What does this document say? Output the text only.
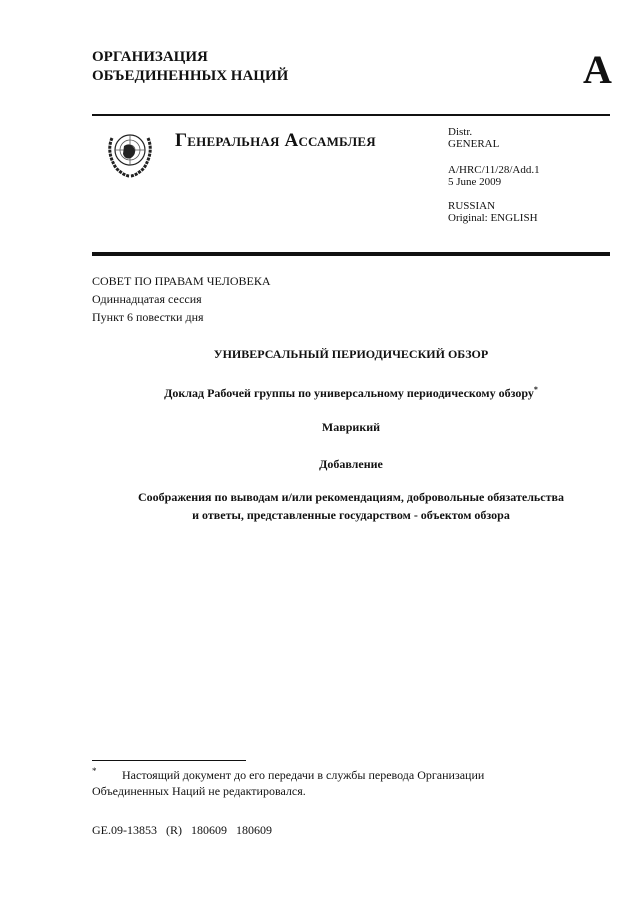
ОРГАНИЗАЦИЯ
ОБЪЕДИНЕННЫХ НАЦИЙ	A
Генеральная Ассамблея	Distr.
GENERAL
A/HRC/11/28/Add.1
5 June 2009
RUSSIAN
Original: ENGLISH
СОВЕТ ПО ПРАВАМ ЧЕЛОВЕКА
Одиннадцатая сессия
Пункт 6 повестки дня
УНИВЕРСАЛЬНЫЙ ПЕРИОДИЧЕСКИЙ ОБЗОР
Доклад Рабочей группы по универсальному периодическому обзору*
Маврикий
Добавление
Соображения по выводам и/или рекомендациям, добровольные обязательства
и ответы, представленные государством - объектом обзора
* Настоящий документ до его передачи в службы перевода Организации
Объединенных Наций не редактировался.
GE.09-13853   (R)   180609   180609
